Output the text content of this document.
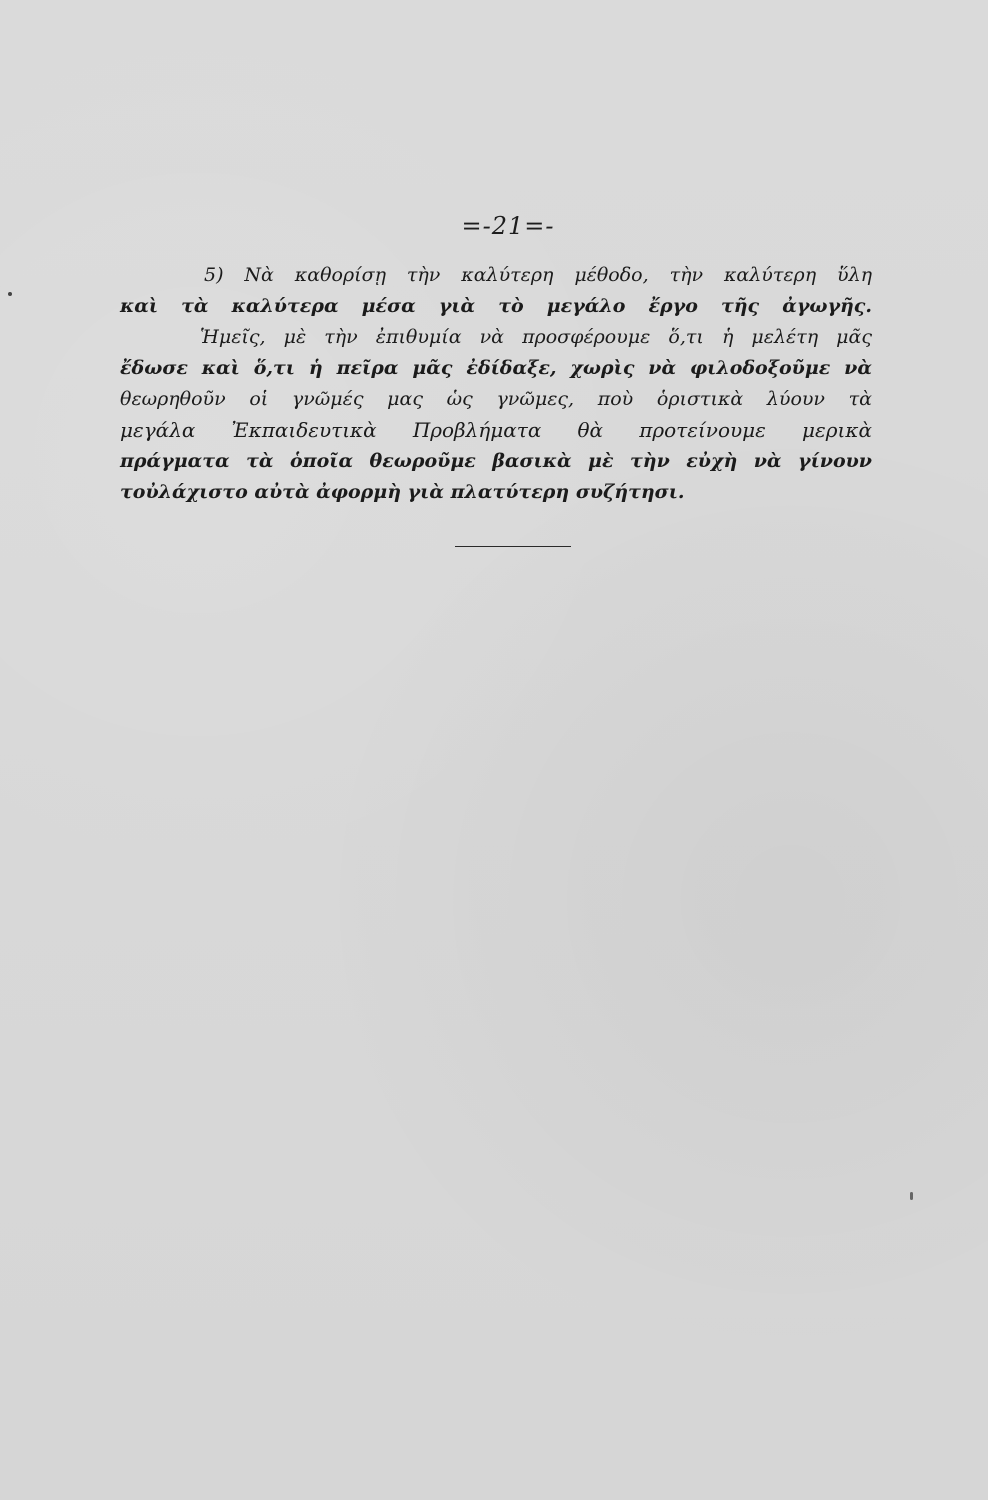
=-21=-
5) Νὰ καθορίσῃ τὴν καλύτερη μέθοδο, τὴν καλύτερη ὕλη
καὶ τὰ καλύτερα μέσα γιὰ τὸ μεγάλο ἔργο τῆς ἀγωγῆς.
Ἡμεῖς, μὲ τὴν ἐπιθυμία νὰ προσφέρουμε ὅ,τι ἡ μελέτη μᾶς
ἔδωσε καὶ ὅ,τι ἡ πεῖρα μᾶς ἐδίδαξε, χωρὶς νὰ φιλοδοξοῦμε νὰ
θεωρηθοῦν οἱ γνῶμές μας ὡς γνῶμες, ποὺ ὁριστικὰ λύουν τὰ
μεγάλα Ἐκπαιδευτικὰ Προβλήματα θὰ προτείνουμε μερικὰ
πράγματα τὰ ὁποῖα θεωροῦμε βασικὰ μὲ τὴν εὐχὴ νὰ γίνουν
τοὐλάχιστο αὐτὰ ἀφορμὴ γιὰ πλατύτερη συζήτησι.
